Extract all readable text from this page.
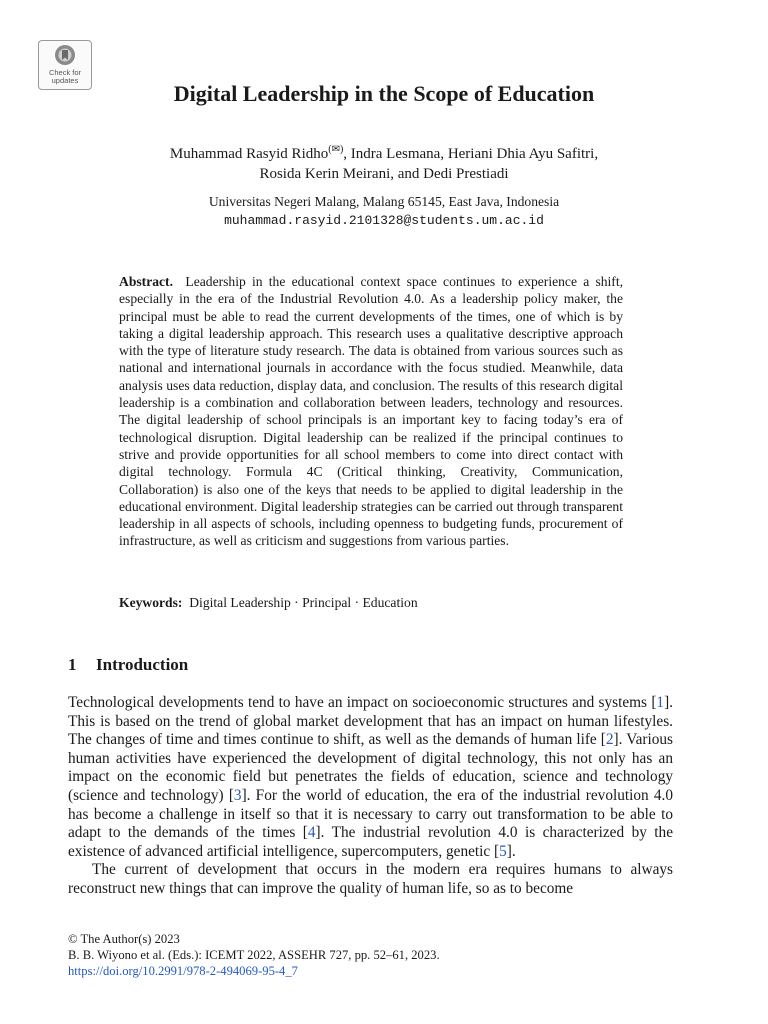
Check for
updates
Digital Leadership in the Scope of Education
Muhammad Rasyid Ridho(✉), Indra Lesmana, Heriani Dhia Ayu Safitri,
Rosida Kerin Meirani, and Dedi Prestiadi
Universitas Negeri Malang, Malang 65145, East Java, Indonesia
muhammad.rasyid.2101328@students.um.ac.id

Abstract. Leadership in the educational context space continues to experience a shift, especially in the era of the Industrial Revolution 4.0. As a leadership policy maker, the principal must be able to read the current developments of the times, one of which is by taking a digital leadership approach. This research uses a qualitative descriptive approach with the type of literature study research. The data is obtained from various sources such as national and international journals in accordance with the focus studied. Meanwhile, data analysis uses data reduction, display data, and conclusion. The results of this research digital leadership is a combination and collaboration between leaders, technology and resources. The digital leadership of school principals is an important key to facing today’s era of technological disruption. Digital leadership can be realized if the principal continues to strive and provide opportunities for all school members to come into direct contact with digital technology. Formula 4C (Critical thinking, Creativity, Communication, Collaboration) is also one of the keys that needs to be applied to digital leadership in the educational environment. Digital leadership strategies can be carried out through transparent leadership in all aspects of schools, including openness to budgeting funds, procurement of infrastructure, as well as criticism and suggestions from various parties.

Keywords: Digital Leadership · Principal · Education

1 Introduction

Technological developments tend to have an impact on socioeconomic structures and systems [1]. This is based on the trend of global market development that has an impact on human lifestyles. The changes of time and times continue to shift, as well as the demands of human life [2]. Various human activities have experienced the development of digital technology, this not only has an impact on the economic field but penetrates the fields of education, science and technology (science and technology) [3]. For the world of education, the era of the industrial revolution 4.0 has become a challenge in itself so that it is necessary to carry out transformation to be able to adapt to the demands of the times [4]. The industrial revolution 4.0 is characterized by the existence of advanced artificial intelligence, supercomputers, genetic [5].

The current of development that occurs in the modern era requires humans to always reconstruct new things that can improve the quality of human life, so as to become

© The Author(s) 2023
B. B. Wiyono et al. (Eds.): ICEMT 2022, ASSEHR 727, pp. 52–61, 2023.
https://doi.org/10.2991/978-2-494069-95-4_7
